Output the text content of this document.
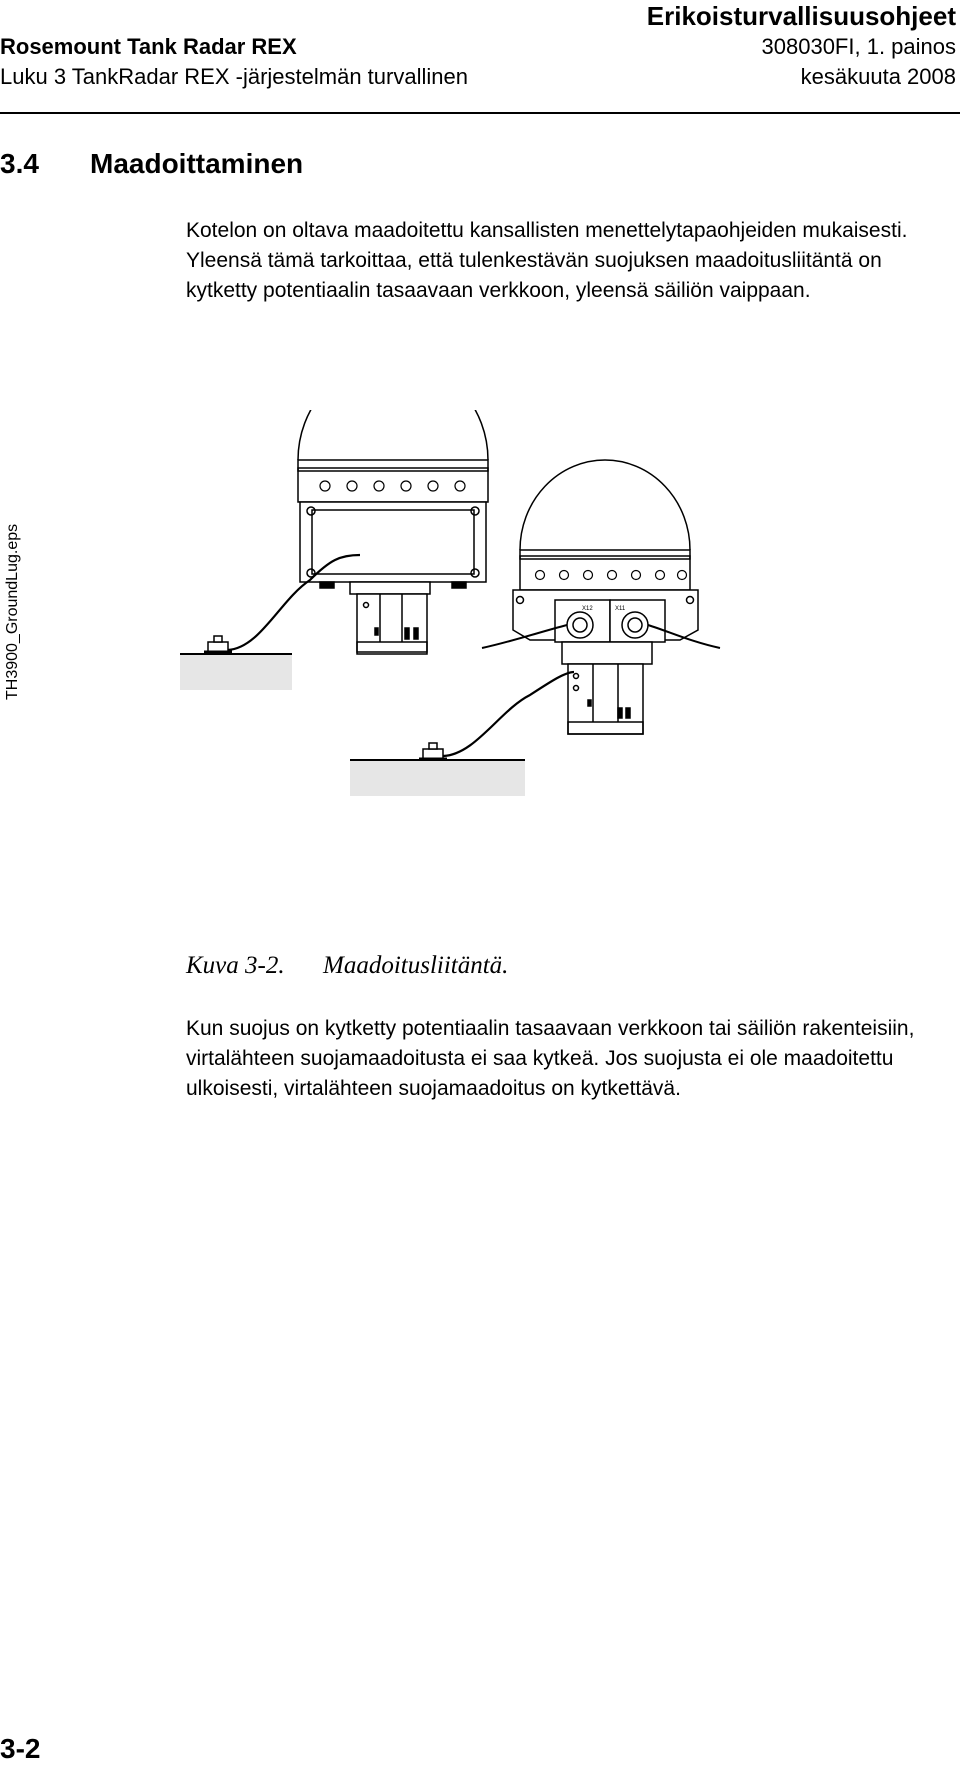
Rosemount Tank Radar REX
Luku 3 TankRadar REX -järjestelmän turvallinen
Erikoisturvallisuusohjeet
308030FI, 1. painos
kesäkuuta 2008
3.4 Maadoittaminen

Kotelon on oltava maadoitettu kansallisten menettelytapaohjeiden mukaisesti. Yleensä tämä tarkoittaa, että tulenkestävän suojuksen maadoitusliitäntä on kytketty potentiaalin tasaavaan verkkoon, yleensä säiliön vaippaan.

TH3900_GroundLug.eps	X12	X11
Kuva 3-2. Maadoitusliitäntä.

Kun suojus on kytketty potentiaalin tasaavaan verkkoon tai säiliön rakenteisiin, virtalähteen suojamaadoitusta ei saa kytkeä. Jos suojusta ei ole maadoitettu ulkoisesti, virtalähteen suojamaadoitus on kytkettävä.

3-2
